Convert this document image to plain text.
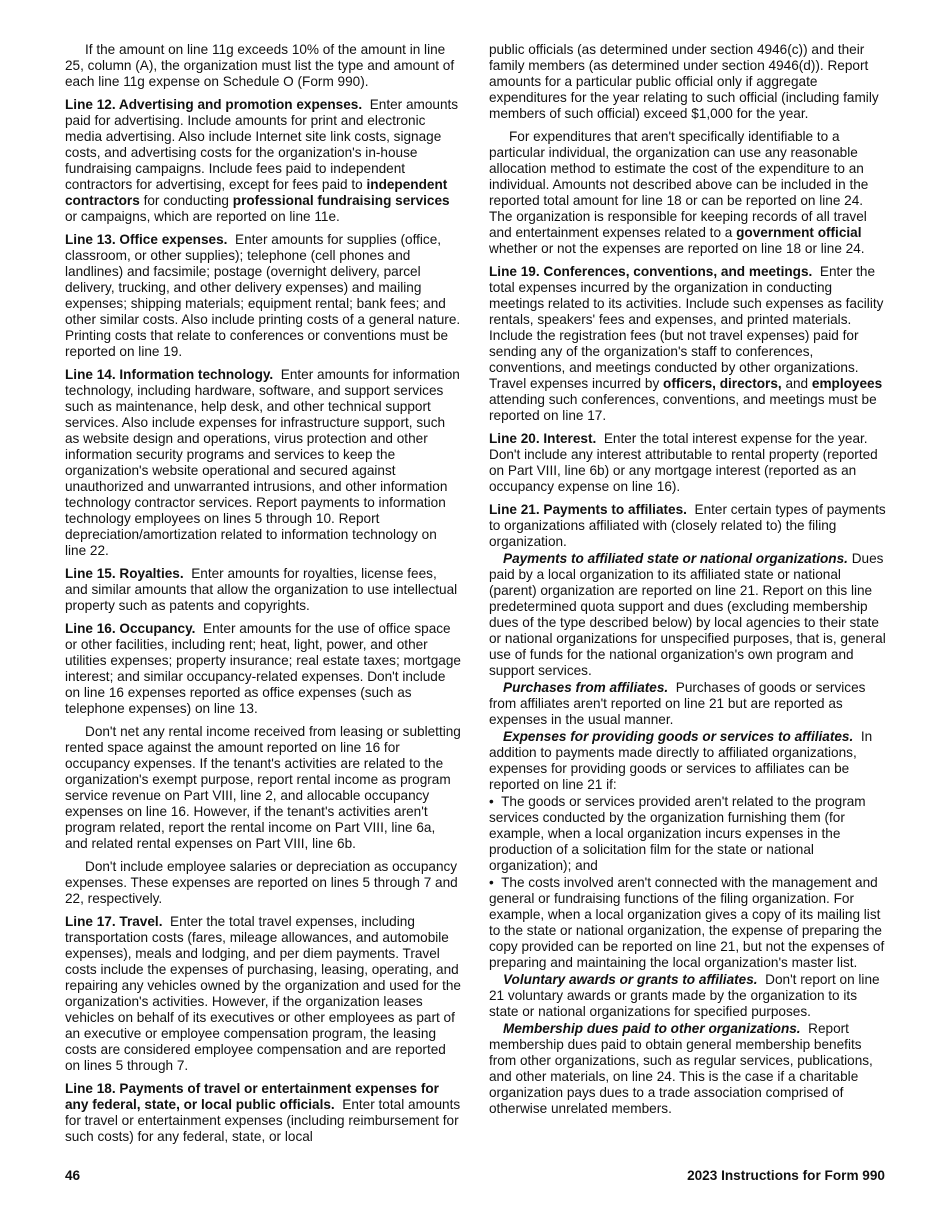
If the amount on line 11g exceeds 10% of the amount in line 25, column (A), the organization must list the type and amount of each line 11g expense on Schedule O (Form 990).

Line 12. Advertising and promotion expenses. Enter amounts paid for advertising. Include amounts for print and electronic media advertising. Also include Internet site link costs, signage costs, and advertising costs for the organization's in-house fundraising campaigns. Include fees paid to independent contractors for advertising, except for fees paid to independent contractors for conducting professional fundraising services or campaigns, which are reported on line 11e.

Line 13. Office expenses. Enter amounts for supplies (office, classroom, or other supplies); telephone (cell phones and landlines) and facsimile; postage (overnight delivery, parcel delivery, trucking, and other delivery expenses) and mailing expenses; shipping materials; equipment rental; bank fees; and other similar costs. Also include printing costs of a general nature. Printing costs that relate to conferences or conventions must be reported on line 19.

Line 14. Information technology. Enter amounts for information technology, including hardware, software, and support services such as maintenance, help desk, and other technical support services. Also include expenses for infrastructure support, such as website design and operations, virus protection and other information security programs and services to keep the organization's website operational and secured against unauthorized and unwarranted intrusions, and other information technology contractor services. Report payments to information technology employees on lines 5 through 10. Report depreciation/amortization related to information technology on line 22.

Line 15. Royalties. Enter amounts for royalties, license fees, and similar amounts that allow the organization to use intellectual property such as patents and copyrights.

Line 16. Occupancy. Enter amounts for the use of office space or other facilities, including rent; heat, light, power, and other utilities expenses; property insurance; real estate taxes; mortgage interest; and similar occupancy-related expenses. Don't include on line 16 expenses reported as office expenses (such as telephone expenses) on line 13.

Don't net any rental income received from leasing or subletting rented space against the amount reported on line 16 for occupancy expenses. If the tenant's activities are related to the organization's exempt purpose, report rental income as program service revenue on Part VIII, line 2, and allocable occupancy expenses on line 16. However, if the tenant's activities aren't program related, report the rental income on Part VIII, line 6a, and related rental expenses on Part VIII, line 6b.

Don't include employee salaries or depreciation as occupancy expenses. These expenses are reported on lines 5 through 7 and 22, respectively.

Line 17. Travel. Enter the total travel expenses, including transportation costs (fares, mileage allowances, and automobile expenses), meals and lodging, and per diem payments. Travel costs include the expenses of purchasing, leasing, operating, and repairing any vehicles owned by the organization and used for the organization's activities. However, if the organization leases vehicles on behalf of its executives or other employees as part of an executive or employee compensation program, the leasing costs are considered employee compensation and are reported on lines 5 through 7.

Line 18. Payments of travel or entertainment expenses for any federal, state, or local public officials. Enter total amounts for travel or entertainment expenses (including reimbursement for such costs) for any federal, state, or local

public officials (as determined under section 4946(c)) and their family members (as determined under section 4946(d)). Report amounts for a particular public official only if aggregate expenditures for the year relating to such official (including family members of such official) exceed $1,000 for the year.

For expenditures that aren't specifically identifiable to a particular individual, the organization can use any reasonable allocation method to estimate the cost of the expenditure to an individual. Amounts not described above can be included in the reported total amount for line 18 or can be reported on line 24. The organization is responsible for keeping records of all travel and entertainment expenses related to a government official whether or not the expenses are reported on line 18 or line 24.

Line 19. Conferences, conventions, and meetings. Enter the total expenses incurred by the organization in conducting meetings related to its activities. Include such expenses as facility rentals, speakers' fees and expenses, and printed materials. Include the registration fees (but not travel expenses) paid for sending any of the organization's staff to conferences, conventions, and meetings conducted by other organizations. Travel expenses incurred by officers, directors, and employees attending such conferences, conventions, and meetings must be reported on line 17.

Line 20. Interest. Enter the total interest expense for the year. Don't include any interest attributable to rental property (reported on Part VIII, line 6b) or any mortgage interest (reported as an occupancy expense on line 16).

Line 21. Payments to affiliates. Enter certain types of payments to organizations affiliated with (closely related to) the filing organization.

Payments to affiliated state or national organizations. Dues paid by a local organization to its affiliated state or national (parent) organization are reported on line 21. Report on this line predetermined quota support and dues (excluding membership dues of the type described below) by local agencies to their state or national organizations for unspecified purposes, that is, general use of funds for the national organization's own program and support services.

Purchases from affiliates. Purchases of goods or services from affiliates aren't reported on line 21 but are reported as expenses in the usual manner.

Expenses for providing goods or services to affiliates. In addition to payments made directly to affiliated organizations, expenses for providing goods or services to affiliates can be reported on line 21 if:

• The goods or services provided aren't related to the program services conducted by the organization furnishing them (for example, when a local organization incurs expenses in the production of a solicitation film for the state or national organization); and

• The costs involved aren't connected with the management and general or fundraising functions of the filing organization. For example, when a local organization gives a copy of its mailing list to the state or national organization, the expense of preparing the copy provided can be reported on line 21, but not the expenses of preparing and maintaining the local organization's master list.

Voluntary awards or grants to affiliates. Don't report on line 21 voluntary awards or grants made by the organization to its state or national organizations for specified purposes.

Membership dues paid to other organizations. Report membership dues paid to obtain general membership benefits from other organizations, such as regular services, publications, and other materials, on line 24. This is the case if a charitable organization pays dues to a trade association comprised of otherwise unrelated members.

46	2023 Instructions for Form 990
